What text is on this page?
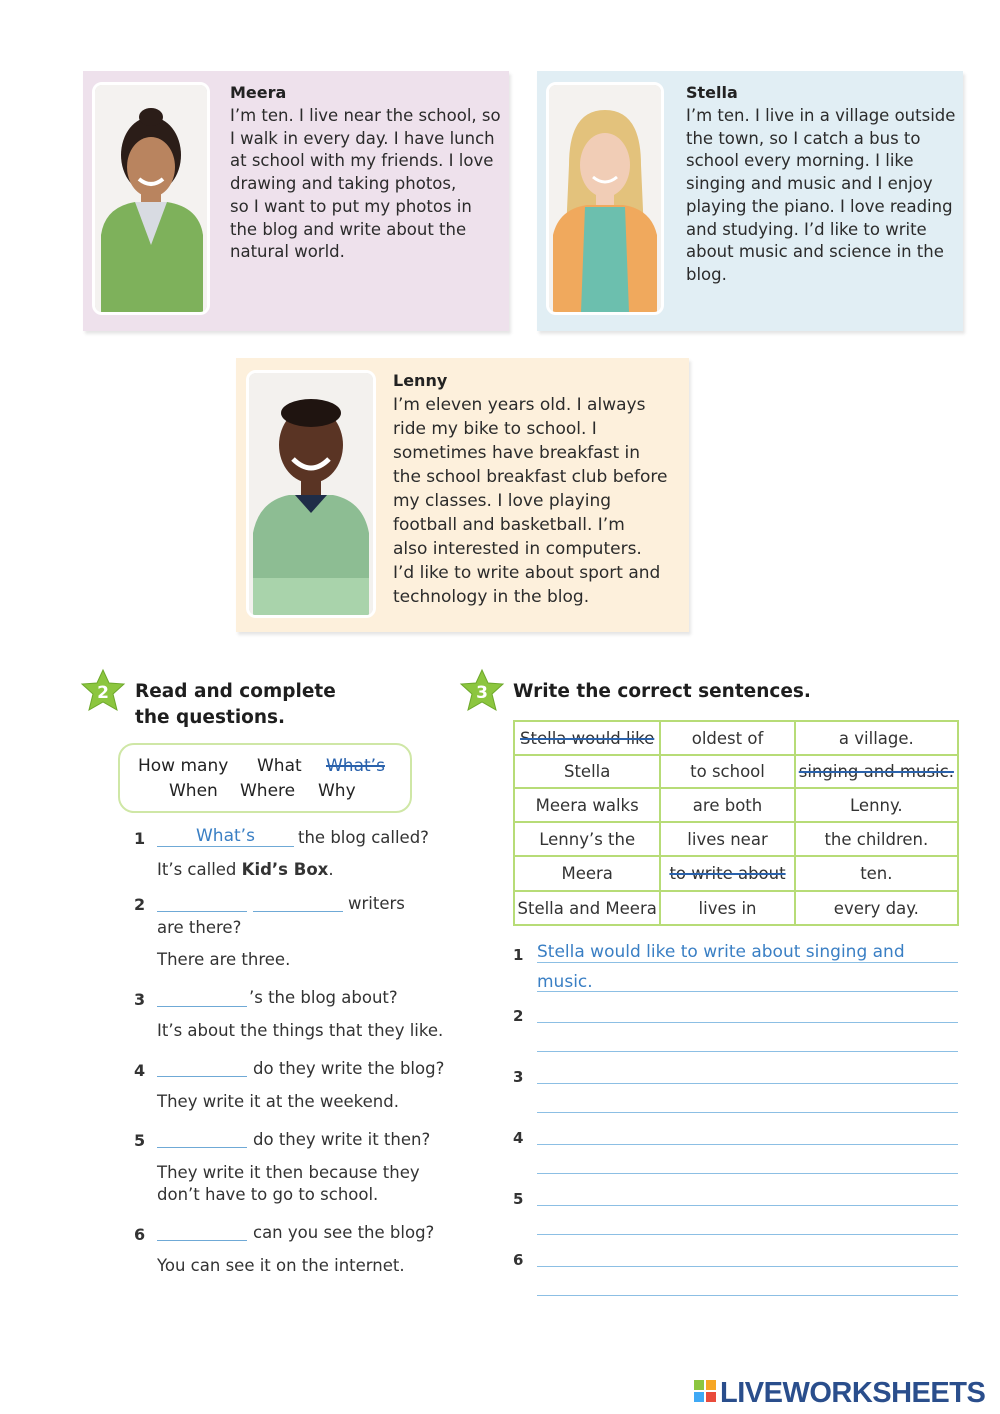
Meera
I’m ten. I live near the school, so
I walk in every day. I have lunch
at school with my friends. I love
drawing and taking photos,
so I want to put my photos in
the blog and write about the
natural world.
Stella
I’m ten. I live in a village outside
the town, so I catch a bus to
school every morning. I like
singing and music and I enjoy
playing the piano. I love reading
and studying. I’d like to write
about music and science in the
blog.
Lenny
I’m eleven years old. I always
ride my bike to school. I
sometimes have breakfast in
the school breakfast club before
my classes. I love playing
football and basketball. I’m
also interested in computers.
I’d like to write about sport and
technology in the blog.
2 Read and complete
the questions.
How many What What’s
When Where Why
1	What’s	the blog called?
It’s called Kid’s Box.
2	writers
are there?
There are three.
3	’s the blog about?
It’s about the things that they like.
4	do they write the blog?
They write it at the weekend.
5	do they write it then?
They write it then because they
don’t have to go to school.
6	can you see the blog?
You can see it on the internet.
3 Write the correct sentences.
Stella would like	oldest of	a village.
Stella	to school	singing and music.
Meera walks	are both	Lenny.
Lenny’s the	lives near	the children.
Meera	to write about	ten.
Stella and Meera	lives in	every day.
1 Stella would like to write about singing and
music.
2
3
4
5
6
LIVEWORKSHEETS
